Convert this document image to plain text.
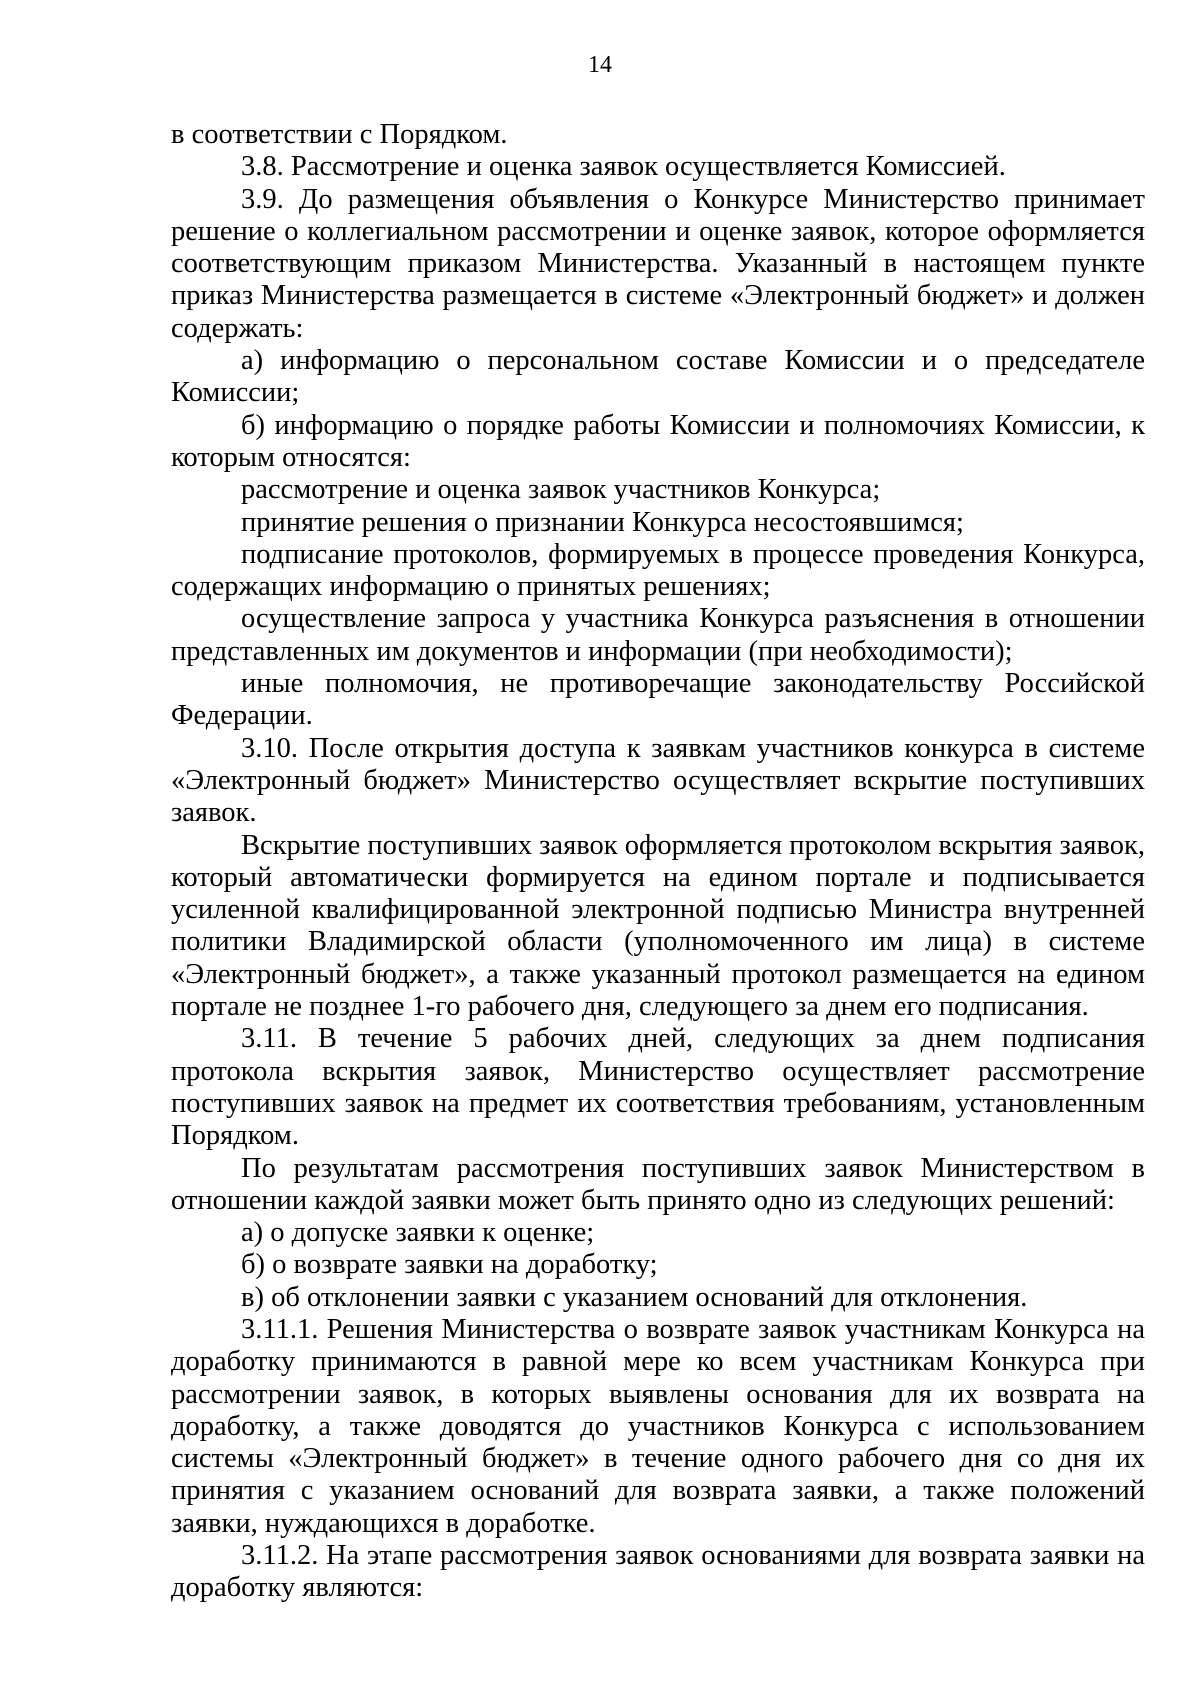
14

в соответствии с Порядком.

3.8. Рассмотрение и оценка заявок осуществляется Комиссией.

3.9. До размещения объявления о Конкурсе Министерство принимает решение о коллегиальном рассмотрении и оценке заявок, которое оформляется соответствующим приказом Министерства. Указанный в настоящем пункте приказ Министерства размещается в системе «Электронный бюджет» и должен содержать:

а) информацию о персональном составе Комиссии и о председателе Комиссии;

б) информацию о порядке работы Комиссии и полномочиях Комиссии, к которым относятся:

рассмотрение и оценка заявок участников Конкурса;

принятие решения о признании Конкурса несостоявшимся;

подписание протоколов, формируемых в процессе проведения Конкурса, содержащих информацию о принятых решениях;

осуществление запроса у участника Конкурса разъяснения в отношении представленных им документов и информации (при необходимости);

иные полномочия, не противоречащие законодательству Российской Федерации.

3.10. После открытия доступа к заявкам участников конкурса в системе «Электронный бюджет» Министерство осуществляет вскрытие поступивших заявок.

Вскрытие поступивших заявок оформляется протоколом вскрытия заявок, который автоматически формируется на едином портале и подписывается усиленной квалифицированной электронной подписью Министра внутренней политики Владимирской области (уполномоченного им лица) в системе «Электронный бюджет», а также указанный протокол размещается на едином портале не позднее 1-го рабочего дня, следующего за днем его подписания.

3.11. В течение 5 рабочих дней, следующих за днем подписания протокола вскрытия заявок, Министерство осуществляет рассмотрение поступивших заявок на предмет их соответствия требованиям, установленным Порядком.

По результатам рассмотрения поступивших заявок Министерством в отношении каждой заявки может быть принято одно из следующих решений:

а) о допуске заявки к оценке;

б) о возврате заявки на доработку;

в) об отклонении заявки с указанием оснований для отклонения.

3.11.1. Решения Министерства о возврате заявок участникам Конкурса на доработку принимаются в равной мере ко всем участникам Конкурса при рассмотрении заявок, в которых выявлены основания для их возврата на доработку, а также доводятся до участников Конкурса с использованием системы «Электронный бюджет» в течение одного рабочего дня со дня их принятия с указанием оснований для возврата заявки, а также положений заявки, нуждающихся в доработке.

3.11.2. На этапе рассмотрения заявок основаниями для возврата заявки на доработку являются:
